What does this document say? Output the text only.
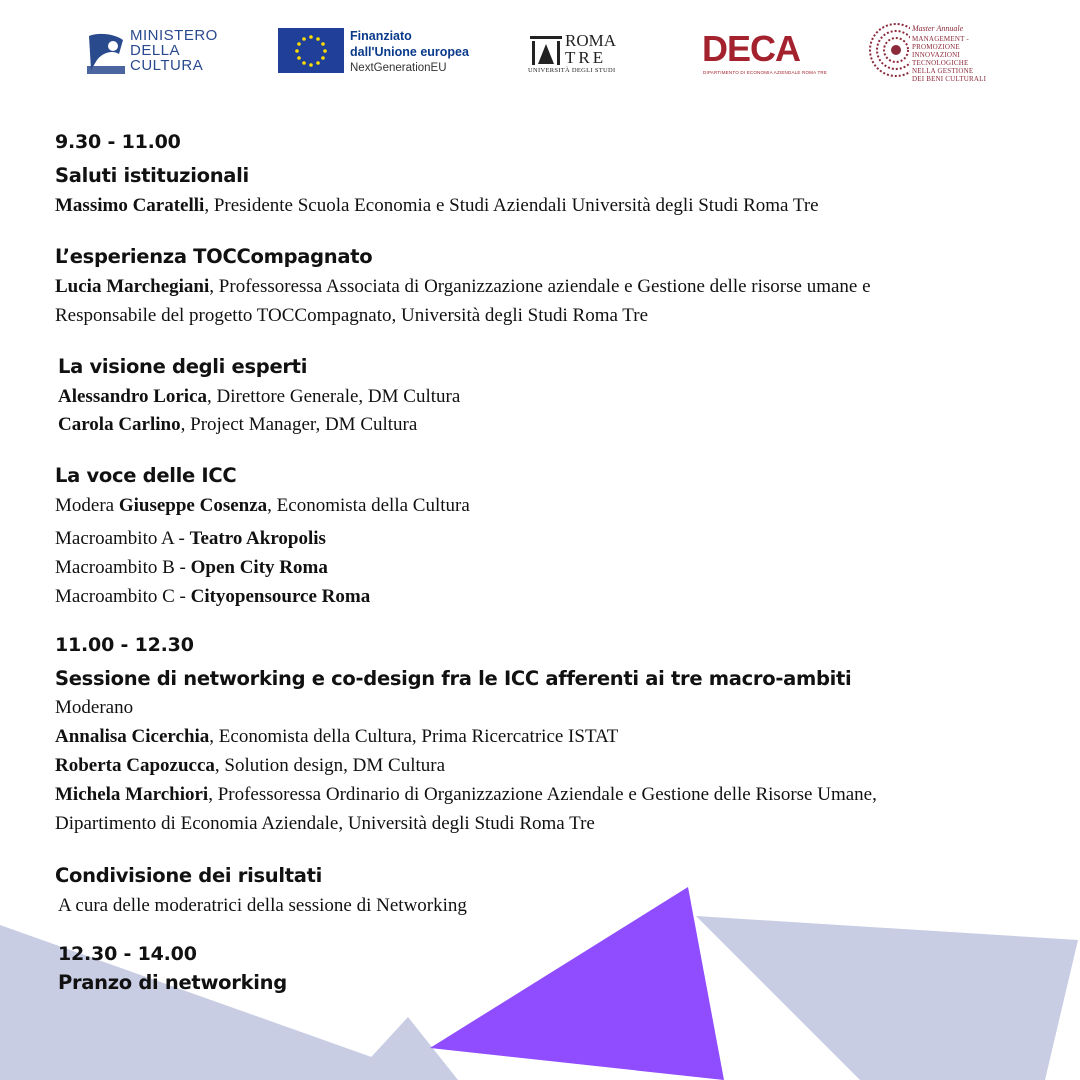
MINISTERO
DELLA
CULTURA
Finanziato
dall'Unione europea
NextGenerationEU
ROMA
TRE
UNIVERSITÀ DEGLI STUDI
DECA
DIPARTIMENTO DI ECONOMIA AZIENDALE ROMA TRE
Master Annuale
MANAGEMENT -
PROMOZIONE
INNOVAZIONI
TECNOLOGICHE
NELLA GESTIONE
DEI BENI CULTURALI
9.30 - 11.00
Saluti istituzionali
Massimo Caratelli, Presidente Scuola Economia e Studi Aziendali Università degli Studi Roma Tre
L’esperienza TOCCompagnato
Lucia Marchegiani, Professoressa Associata di Organizzazione aziendale e Gestione delle risorse umane e
Responsabile del progetto TOCCompagnato, Università degli Studi Roma Tre
La visione degli esperti
Alessandro Lorica, Direttore Generale, DM Cultura
Carola Carlino, Project Manager, DM Cultura
La voce delle ICC
Modera Giuseppe Cosenza, Economista della Cultura
Macroambito A - Teatro Akropolis
Macroambito B - Open City Roma
Macroambito C - Cityopensource Roma
11.00 - 12.30
Sessione di networking e co-design fra le ICC afferenti ai tre macro-ambiti
Moderano
Annalisa Cicerchia, Economista della Cultura, Prima Ricercatrice ISTAT
Roberta Capozucca, Solution design, DM Cultura
Michela Marchiori, Professoressa Ordinario di Organizzazione Aziendale e Gestione delle Risorse Umane,
Dipartimento di Economia Aziendale, Università degli Studi Roma Tre
Condivisione dei risultati
A cura delle moderatrici della sessione di Networking
12.30 - 14.00
Pranzo di networking
